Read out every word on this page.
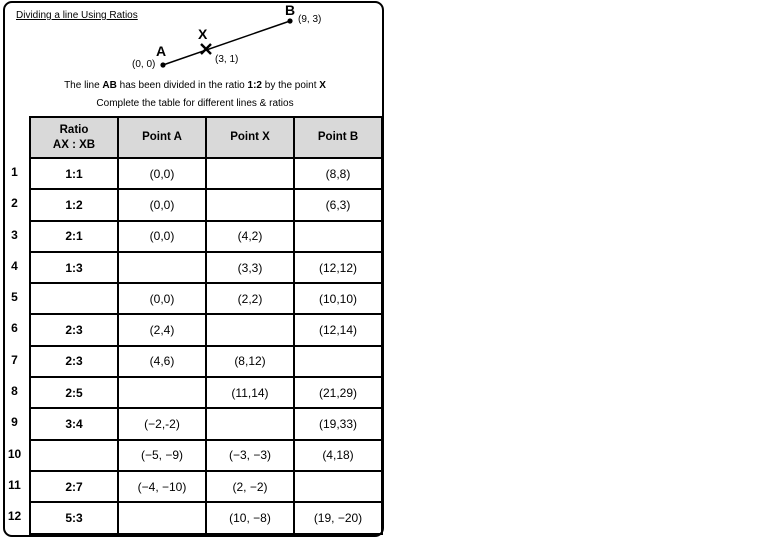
Dividing a line Using Ratios
A
(0, 0)
X
(3, 1)
B
(9, 3)
The line AB has been divided in the ratio 1:2 by the point X
Complete the table for different lines & ratios
1
2
3
4
5
6
7
8
9
10
11
12
Ratio
AX : XB	Point A	Point X	Point B
1:1	(0,0)		(8,8)
1:2	(0,0)		(6,3)
2:1	(0,0)	(4,2)	
1:3		(3,3)	(12,12)
	(0,0)	(2,2)	(10,10)
2:3	(2,4)		(12,14)
2:3	(4,6)	(8,12)	
2:5		(11,14)	(21,29)
3:4	(−2,-2)		(19,33)
	(−5, −9)	(−3, −3)	(4,18)
2:7	(−4, −10)	(2, −2)	
5:3		(10, −8)	(19, −20)
